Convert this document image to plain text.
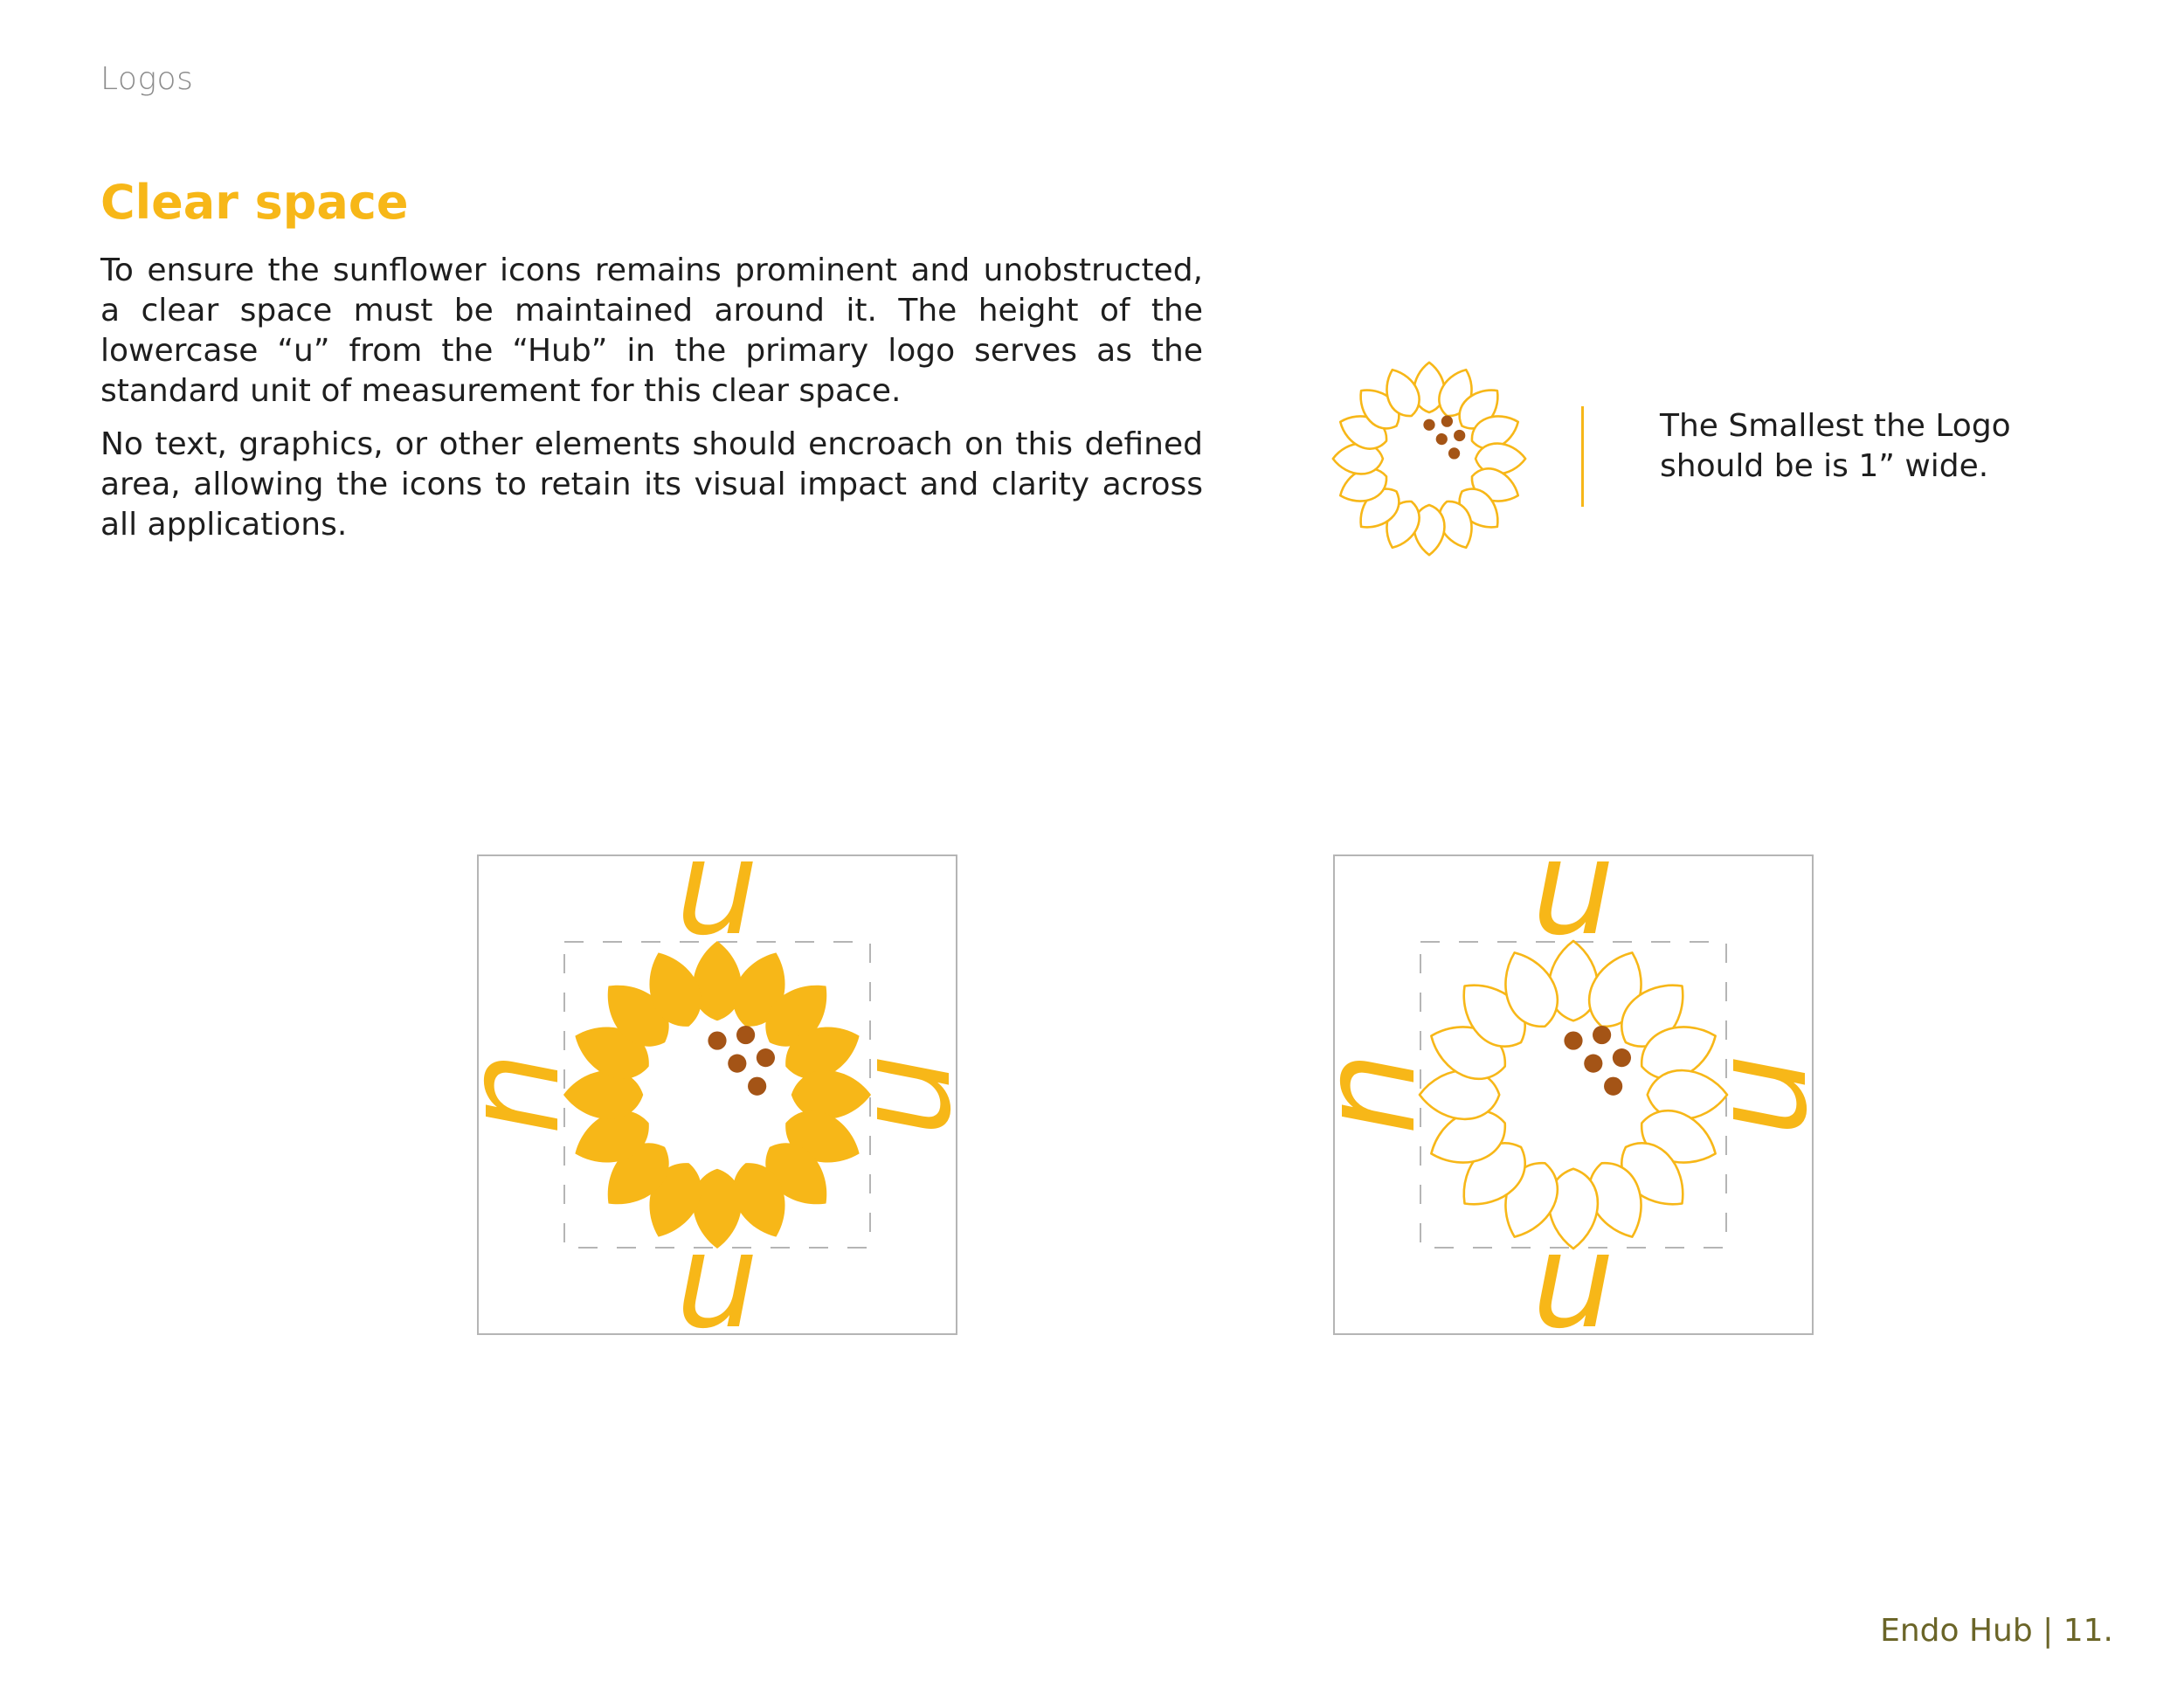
Logos
Clear space

To ensure the sunflower icons remains prominent and unobstructed, a clear space must be maintained around it. The height of the lowercase “u” from the “Hub” in the primary logo serves as the standard unit of measurement for this clear space.

No text, graphics, or other elements should encroach on this defined area, allowing the icons to retain its visual impact and clarity across all applications.

The Smallest the Logo
should be is 1” wide.
u
u
u u
u
u
u u
Endo Hub | 11.
